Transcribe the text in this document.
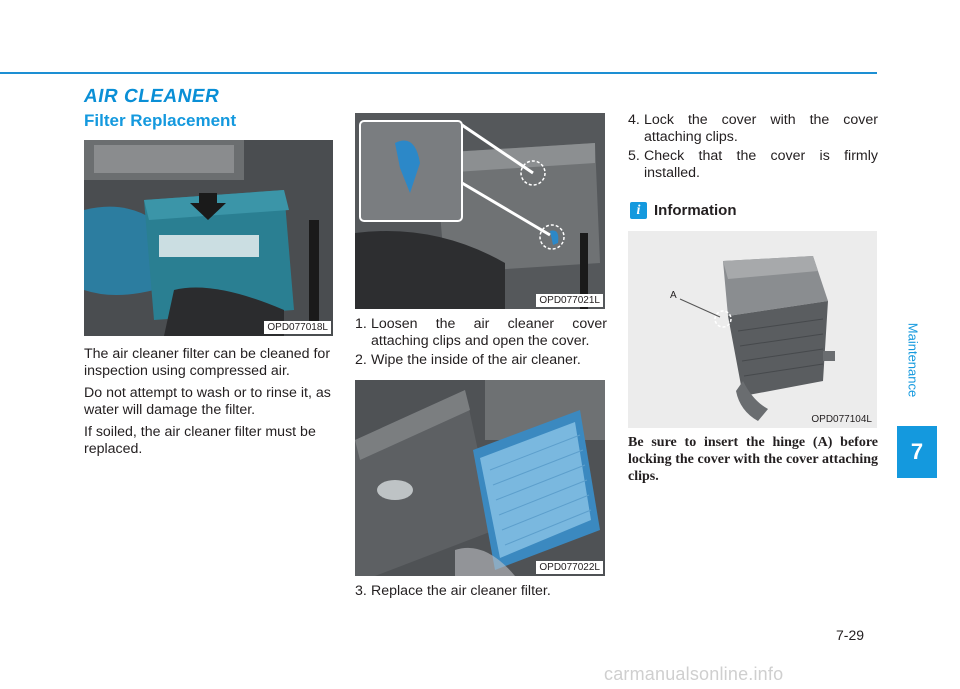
AIR CLEANER
Filter Replacement
OPD077018L
OPD077021L
OPD077022L
A
OPD077104L

The air cleaner filter can be cleaned for inspection using compressed air.

Do not attempt to wash or to rinse it, as water will damage the filter.

If soiled, the air cleaner filter must be replaced.

1. Loosen the air cleaner cover attaching clips and open the cover.
2. Wipe the inside of the air cleaner.
3. Replace the air cleaner filter.
4. Lock the cover with the cover attaching clips.
5. Check that the cover is firmly installed.
i Information
Be sure to insert the hinge (A) before locking the cover with the cover attaching clips.
Maintenance
7
7-29
carmanualsonline.info
